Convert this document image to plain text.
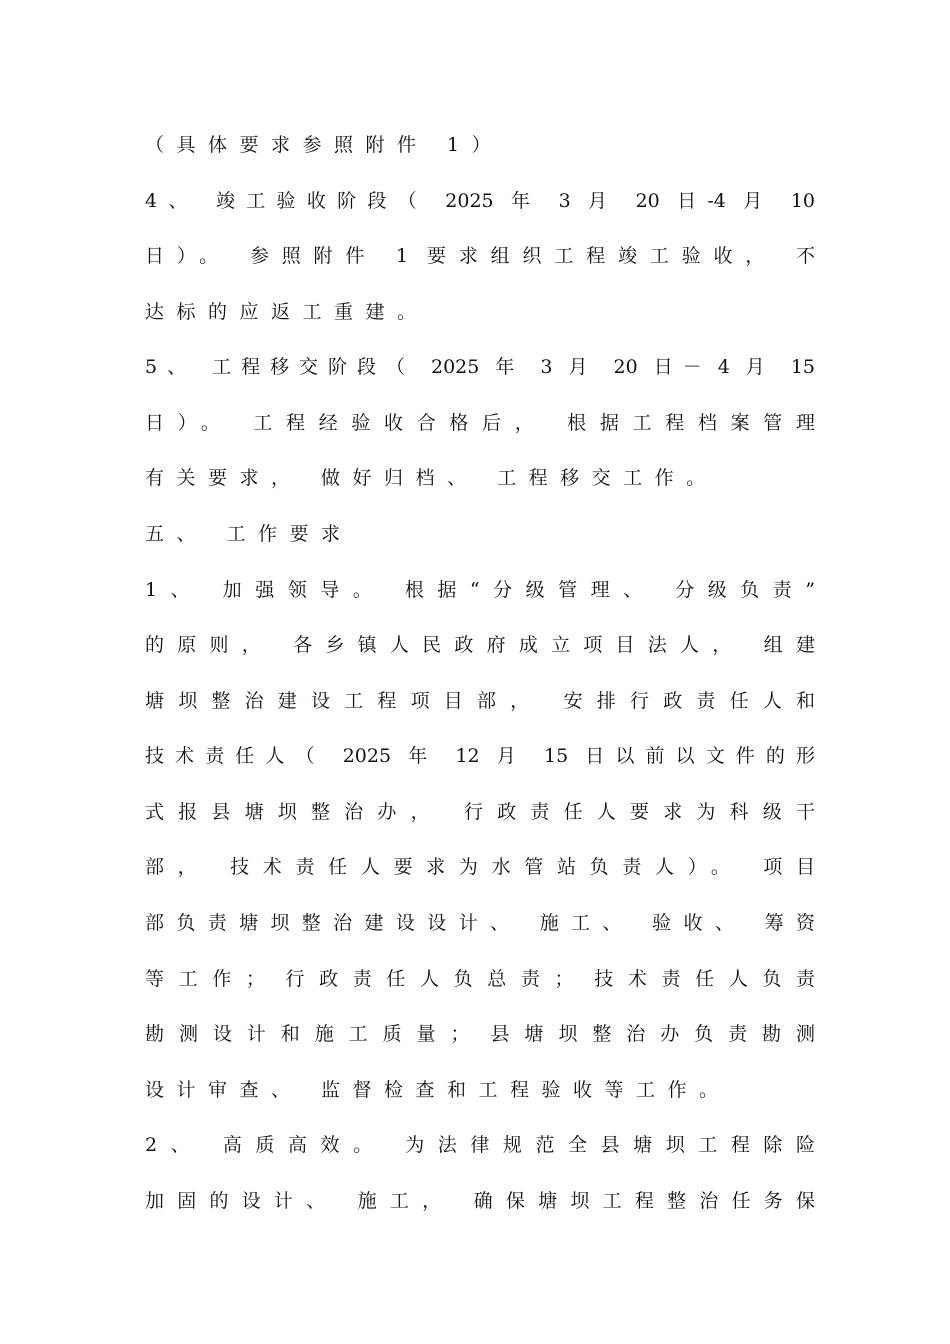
（具体要求参照附件 1）
4、 竣工验收阶段（ 2025 年 3 月 20 日-4 月 10
日）。 参照附件 1 要求组织工程竣工验收， 不
达标的应返工重建。
5、 工程移交阶段（ 2025 年 3 月 20 日－ 4 月 15
日）。 工程经验收合格后， 根据工程档案管理
有关要求， 做好归档、 工程移交工作。
五、 工作要求
1、 加强领导。 根据“分级管理、 分级负责”
的原则， 各乡镇人民政府成立项目法人， 组建
塘坝整治建设工程项目部， 安排行政责任人和
技术责任人（ 2025 年 12 月 15 日以前以文件的形
式报县塘坝整治办， 行政责任人要求为科级干
部， 技术责任人要求为水管站负责人）。 项目
部负责塘坝整治建设设计、 施工、 验收、 筹资
等工作； 行政责任人负总责； 技术责任人负责
勘测设计和施工质量； 县塘坝整治办负责勘测
设计审查、 监督检查和工程验收等工作。
2、 高质高效。 为法律规范全县塘坝工程除险
加固的设计、 施工， 确保塘坝工程整治任务保
